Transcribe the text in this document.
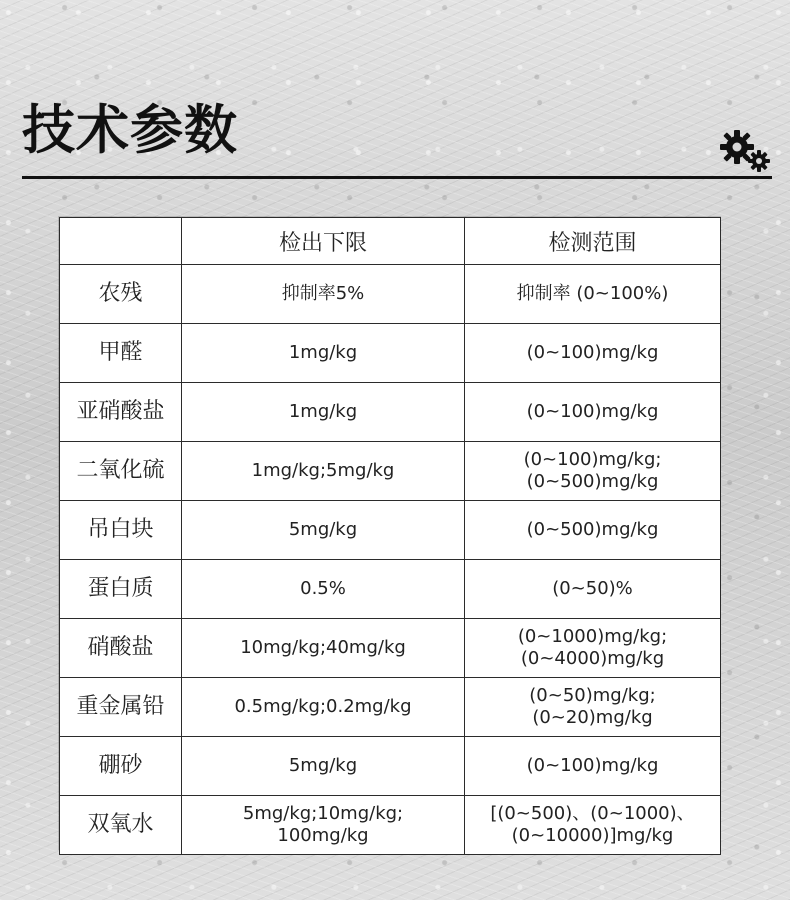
技术参数
	检出下限	检测范围
农残	抑制率5%	抑制率 (0~100%)

甲醛	1mg/kg	(0~100)mg/kg

亚硝酸盐	1mg/kg	(0~100)mg/kg

二氧化硫	1mg/kg;5mg/kg	(0~100)mg/kg;
(0~500)mg/kg

吊白块	5mg/kg	(0~500)mg/kg

蛋白质	0.5%	(0~50)%

硝酸盐	10mg/kg;40mg/kg	(0~1000)mg/kg;
(0~4000)mg/kg

重金属铅	0.5mg/kg;0.2mg/kg	(0~50)mg/kg;
(0~20)mg/kg

硼砂	5mg/kg	(0~100)mg/kg

双氧水	5mg/kg;10mg/kg;
100mg/kg	[(0~500)、(0~1000)、
(0~10000)]mg/kg
